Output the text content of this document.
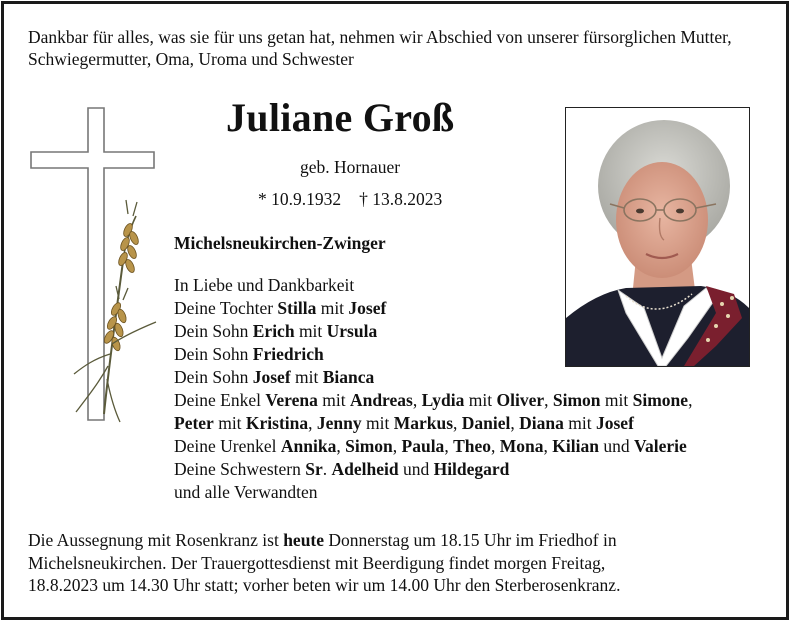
Dankbar für alles, was sie für uns getan hat, nehmen wir Abschied von unserer fürsorglichen Mutter, Schwiegermutter, Oma, Uroma und Schwester
Juliane Groß
geb. Hornauer
* 10.9.1932 † 13.8.2023
Michelsneukirchen-Zwinger
In Liebe und Dankbarkeit
Deine Tochter Stilla mit Josef
Dein Sohn Erich mit Ursula
Dein Sohn Friedrich
Dein Sohn Josef mit Bianca
Deine Enkel Verena mit Andreas, Lydia mit Oliver, Simon mit Simone,
Peter mit Kristina, Jenny mit Markus, Daniel, Diana mit Josef
Deine Urenkel Annika, Simon, Paula, Theo, Mona, Kilian und Valerie
Deine Schwestern Sr. Adelheid und Hildegard
und alle Verwandten
Die Aussegnung mit Rosenkranz ist heute Donnerstag um 18.15 Uhr im Friedhof in
Michelsneukirchen. Der Trauergottesdienst mit Beerdigung findet morgen Freitag,
18.8.2023 um 14.30 Uhr statt; vorher beten wir um 14.00 Uhr den Sterberosenkranz.
